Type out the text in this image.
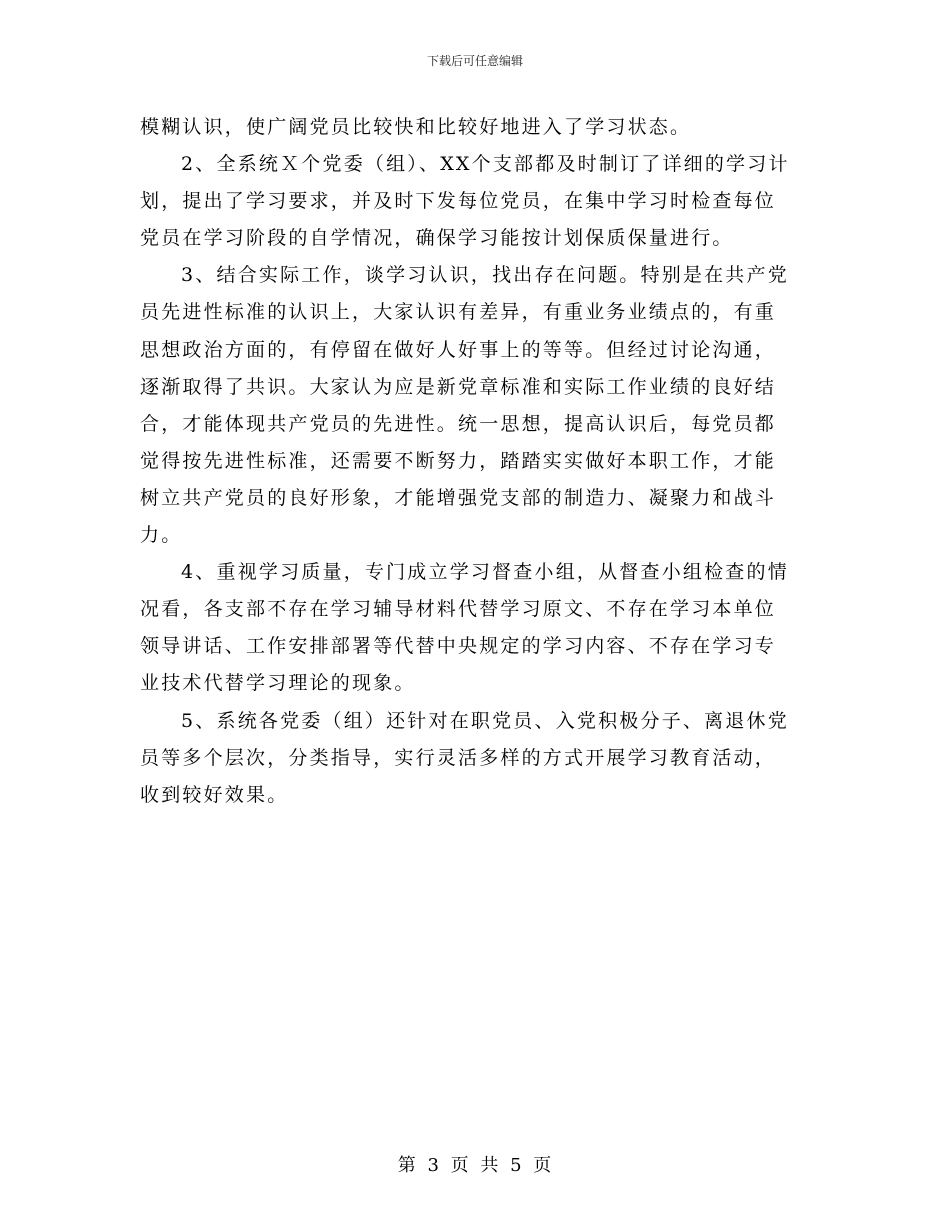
下载后可任意编辑
模糊认识，使广阔党员比较快和比较好地进入了学习状态。
2、全系统Ｘ个党委（组）、XX个支部都及时制订了详细的学习计
划，提出了学习要求，并及时下发每位党员，在集中学习时检查每位
党员在学习阶段的自学情况，确保学习能按计划保质保量进行。
3、结合实际工作，谈学习认识，找出存在问题。特别是在共产党
员先进性标准的认识上，大家认识有差异，有重业务业绩点的，有重
思想政治方面的，有停留在做好人好事上的等等。但经过讨论沟通，
逐渐取得了共识。大家认为应是新党章标准和实际工作业绩的良好结
合，才能体现共产党员的先进性。统一思想，提高认识后，每党员都
觉得按先进性标准，还需要不断努力，踏踏实实做好本职工作，才能
树立共产党员的良好形象，才能增强党支部的制造力、凝聚力和战斗
力。
4、重视学习质量，专门成立学习督查小组，从督查小组检查的情
况看，各支部不存在学习辅导材料代替学习原文、不存在学习本单位
领导讲话、工作安排部署等代替中央规定的学习内容、不存在学习专
业技术代替学习理论的现象。
5、系统各党委（组）还针对在职党员、入党积极分子、离退休党
员等多个层次，分类指导，实行灵活多样的方式开展学习教育活动，
收到较好效果。
第 3 页 共 5 页
